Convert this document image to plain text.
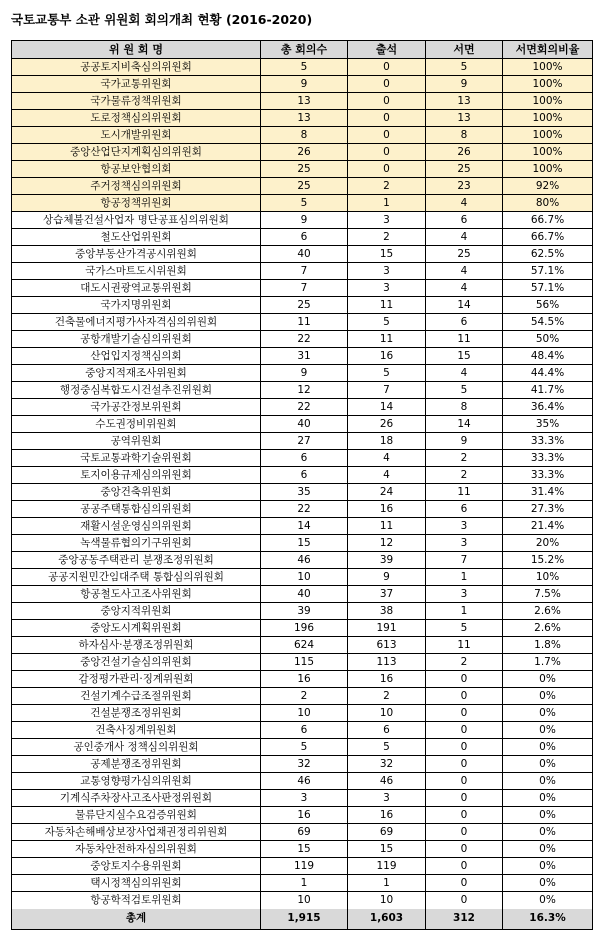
국토교통부 소관 위원회 회의개최 현황 (2016-2020)
위 원 회 명	총 회의수	출석	서면	서면회의비율
공공토지비축심의위원회	5	0	5	100%
국가교통위원회	9	0	9	100%
국가물류정책위원회	13	0	13	100%
도로정책심의위원회	13	0	13	100%
도시개발위원회	8	0	8	100%
중앙산업단지계획심의위원회	26	0	26	100%
항공보안협의회	25	0	25	100%
주거정책심의위원회	25	2	23	92%
항공정책위원회	5	1	4	80%
상습체불건설사업자 명단공표심의위원회	9	3	6	66.7%
철도산업위원회	6	2	4	66.7%
중앙부동산가격공시위원회	40	15	25	62.5%
국가스마트도시위원회	7	3	4	57.1%
대도시권광역교통위원회	7	3	4	57.1%
국가지명위원회	25	11	14	56%
건축물에너지평가사자격심의위원회	11	5	6	54.5%
공항개발기술심의위원회	22	11	11	50%
산업입지정책심의회	31	16	15	48.4%
중앙지적재조사위원회	9	5	4	44.4%
행정중심복합도시건설추진위원회	12	7	5	41.7%
국가공간정보위원회	22	14	8	36.4%
수도권정비위원회	40	26	14	35%
공역위원회	27	18	9	33.3%
국토교통과학기술위원회	6	4	2	33.3%
토지이용규제심의위원회	6	4	2	33.3%
중앙건축위원회	35	24	11	31.4%
공공주택통합심의위원회	22	16	6	27.3%
재활시설운영심의위원회	14	11	3	21.4%
녹색물류협의기구위원회	15	12	3	20%
중앙공동주택관리 분쟁조정위원회	46	39	7	15.2%
공공지원민간임대주택 통합심의위원회	10	9	1	10%
항공철도사고조사위원회	40	37	3	7.5%
중앙지적위원회	39	38	1	2.6%
중앙도시계획위원회	196	191	5	2.6%
하자심사·분쟁조정위원회	624	613	11	1.8%
중앙건설기술심의위원회	115	113	2	1.7%
감정평가관리·징계위원회	16	16	0	0%
건설기계수급조절위원회	2	2	0	0%
건설분쟁조정위원회	10	10	0	0%
건축사징계위원회	6	6	0	0%
공인중개사 정책심의위원회	5	5	0	0%
공제분쟁조정위원회	32	32	0	0%
교통영향평가심의위원회	46	46	0	0%
기계식주차장사고조사판정위원회	3	3	0	0%
물류단지실수요검증위원회	16	16	0	0%
자동차손해배상보장사업채권정리위원회	69	69	0	0%
자동차안전하자심의위원회	15	15	0	0%
중앙토지수용위원회	119	119	0	0%
택시정책심의위원회	1	1	0	0%
항공학적검토위원회	10	10	0	0%
총계	1,915	1,603	312	16.3%
